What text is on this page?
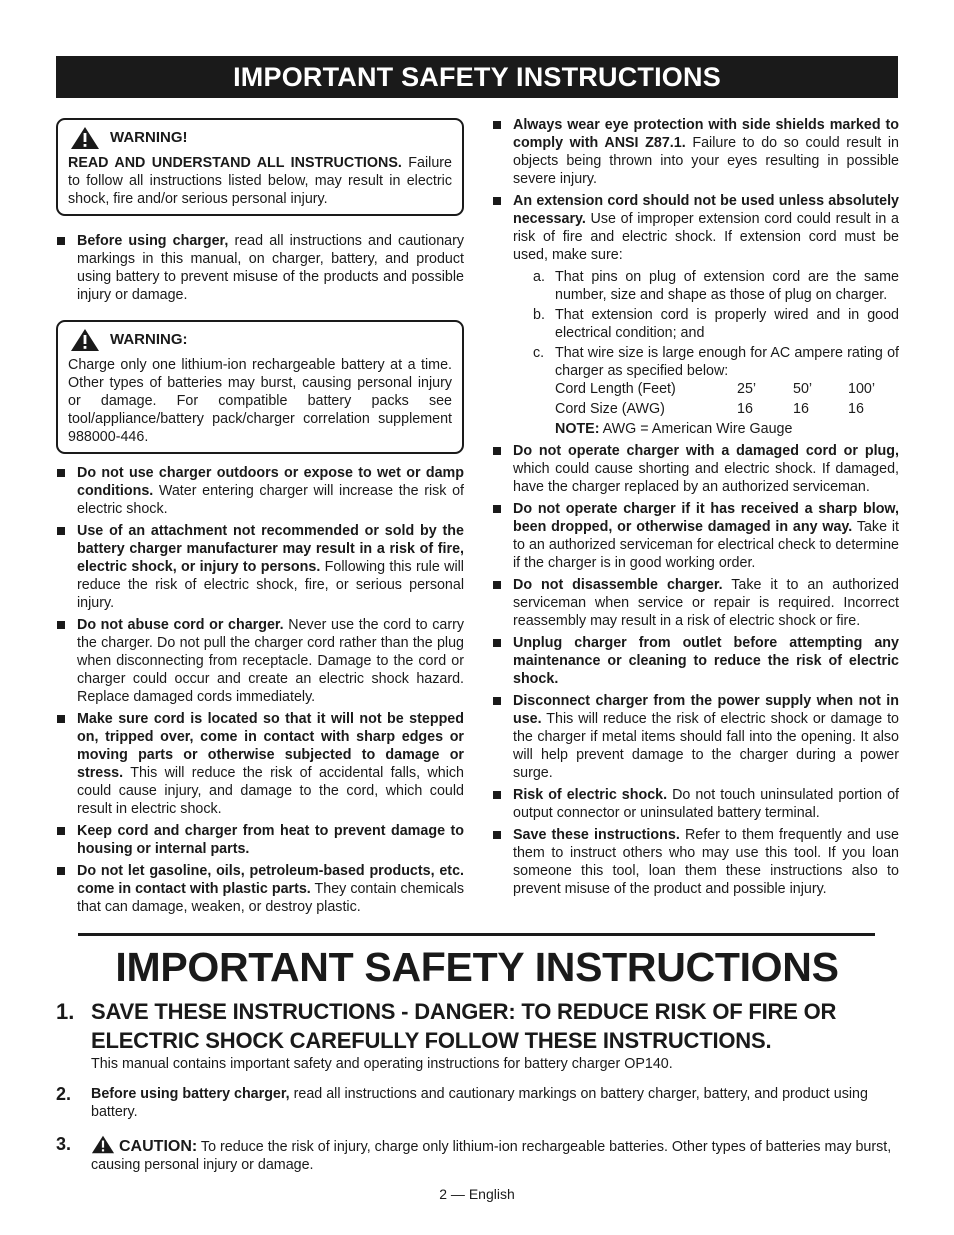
IMPORTANT SAFETY INSTRUCTIONS
WARNING!
READ AND UNDERSTAND ALL INSTRUCTIONS. Failure to follow all instructions listed below, may result in electric shock, fire and/or serious personal injury.
Before using charger, read all instructions and cautionary markings in this manual, on charger, battery, and product using battery to prevent misuse of the products and possible injury or damage.
WARNING:
Charge only one lithium-ion rechargeable battery at a time. Other types of batteries may burst, causing personal injury or damage. For compatible battery packs see tool/appliance/battery pack/charger correlation supplement 988000-446.
Do not use charger outdoors or expose to wet or damp conditions. Water entering charger will increase the risk of electric shock.
Use of an attachment not recommended or sold by the battery charger manufacturer may result in a risk of fire, electric shock, or injury to persons. Following this rule will reduce the risk of electric shock, fire, or serious personal injury.
Do not abuse cord or charger. Never use the cord to carry the charger. Do not pull the charger cord rather than the plug when disconnecting from receptacle. Damage to the cord or charger could occur and create an electric shock hazard. Replace damaged cords immediately.
Make sure cord is located so that it will not be stepped on, tripped over, come in contact with sharp edges or moving parts or otherwise subjected to damage or stress. This will reduce the risk of accidental falls, which could cause injury, and damage to the cord, which could result in electric shock.
Keep cord and charger from heat to prevent damage to housing or internal parts.
Do not let gasoline, oils, petroleum-based products, etc. come in contact with plastic parts. They contain chemicals that can damage, weaken, or destroy plastic.
Always wear eye protection with side shields marked to comply with ANSI Z87.1. Failure to do so could result in objects being thrown into your eyes resulting in possible severe injury.
An extension cord should not be used unless absolutely necessary. Use of improper extension cord could result in a risk of fire and electric shock. If extension cord must be used, make sure:
a. That pins on plug of extension cord are the same number, size and shape as those of plug on charger.
b. That extension cord is properly wired and in good electrical condition; and
c. That wire size is large enough for AC ampere rating of charger as specified below:
Cord Length (Feet)	25’	50’	100’
Cord Size (AWG)	16	16	16
NOTE: AWG = American Wire Gauge
Do not operate charger with a damaged cord or plug, which could cause shorting and electric shock. If damaged, have the charger replaced by an authorized serviceman.
Do not operate charger if it has received a sharp blow, been dropped, or otherwise damaged in any way. Take it to an authorized serviceman for electrical check to determine if the charger is in good working order.
Do not disassemble charger. Take it to an authorized serviceman when service or repair is required. Incorrect reassembly may result in a risk of electric shock or fire.
Unplug charger from outlet before attempting any maintenance or cleaning to reduce the risk of electric shock.
Disconnect charger from the power supply when not in use. This will reduce the risk of electric shock or damage to the charger if metal items should fall into the opening. It also will help prevent damage to the charger during a power surge.
Risk of electric shock. Do not touch uninsulated portion of output connector or uninsulated battery terminal.
Save these instructions. Refer to them frequently and use them to instruct others who may use this tool. If you loan someone this tool, loan them these instructions also to prevent misuse of the product and possible injury.
IMPORTANT SAFETY INSTRUCTIONS
1. SAVE THESE INSTRUCTIONS - DANGER: TO REDUCE RISK OF FIRE OR ELECTRIC SHOCK CAREFULLY FOLLOW THESE INSTRUCTIONS.
This manual contains important safety and operating instructions for battery charger OP140.
2.	Before using battery charger, read all instructions and cautionary markings on battery charger, battery, and product using battery.
3.	CAUTION: To reduce the risk of injury, charge only lithium-ion rechargeable batteries. Other types of batteries may burst, causing personal injury or damage.
2 — English
